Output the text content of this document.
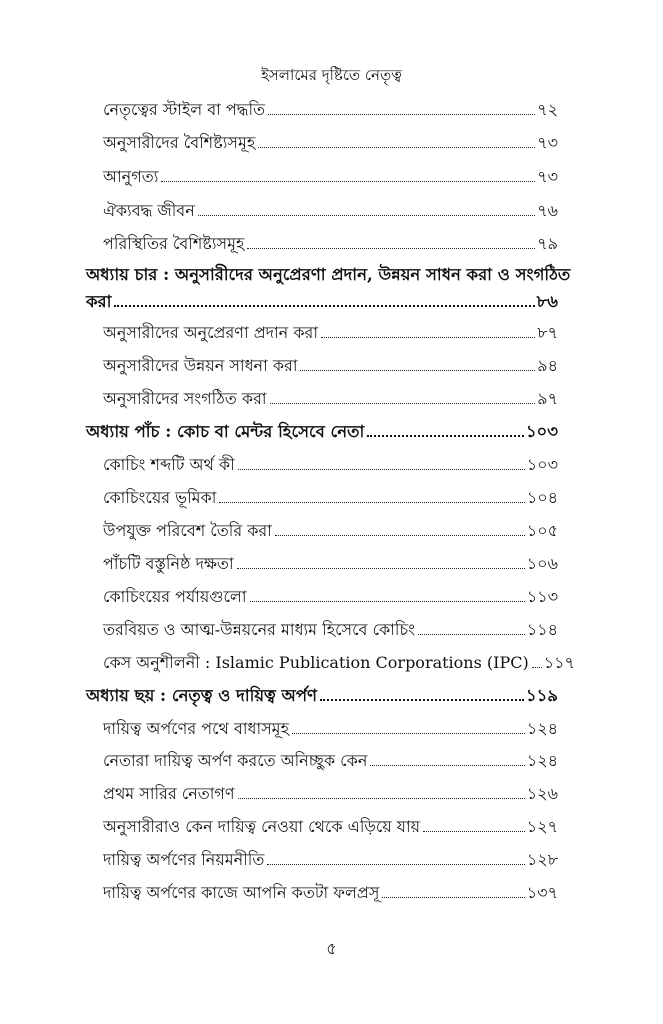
ইসলামের দৃষ্টিতে নেতৃত্ব
নেতৃত্বের স্টাইল বা পদ্ধতি	৭২
অনুসারীদের বৈশিষ্ট্যসমূহ	৭৩
আনুগত্য	৭৩
ঐক্যবদ্ধ জীবন	৭৬
পরিস্থিতির বৈশিষ্ট্যসমূহ	৭৯
অধ্যায় চার : অনুসারীদের অনুপ্রেরণা প্রদান, উন্নয়ন সাধন করা ও সংগঠিত
করা	৮৬
অনুসারীদের অনুপ্রেরণা প্রদান করা	৮৭
অনুসারীদের উন্নয়ন সাধনা করা	৯৪
অনুসারীদের সংগঠিত করা	৯৭
অধ্যায় পাঁচ : কোচ বা মেন্টর হিসেবে নেতা	১০৩
কোচিং শব্দটি অর্থ কী	১০৩
কোচিংয়ের ভূমিকা	১০৪
উপযুক্ত পরিবেশ তৈরি করা	১০৫
পাঁচটি বস্তুনিষ্ঠ দক্ষতা	১০৬
কোচিংয়ের পর্যায়গুলো	১১৩
তরবিয়ত ও আত্ম-উন্নয়নের মাধ্যম হিসেবে কোচিং	১১৪
কেস অনুশীলনী : Islamic Publication Corporations (IPC) ১১৭
অধ্যায় ছয় : নেতৃত্ব ও দায়িত্ব অর্পণ	১১৯
দায়িত্ব অর্পণের পথে বাধাসমূহ	১২৪
নেতারা দায়িত্ব অর্পণ করতে অনিচ্ছুক কেন	১২৪
প্রথম সারির নেতাগণ	১২৬
অনুসারীরাও কেন দায়িত্ব নেওয়া থেকে এড়িয়ে যায়	১২৭
দায়িত্ব অর্পণের নিয়মনীতি	১২৮
দায়িত্ব অর্পণের কাজে আপনি কতটা ফলপ্রসূ	১৩৭
৫
